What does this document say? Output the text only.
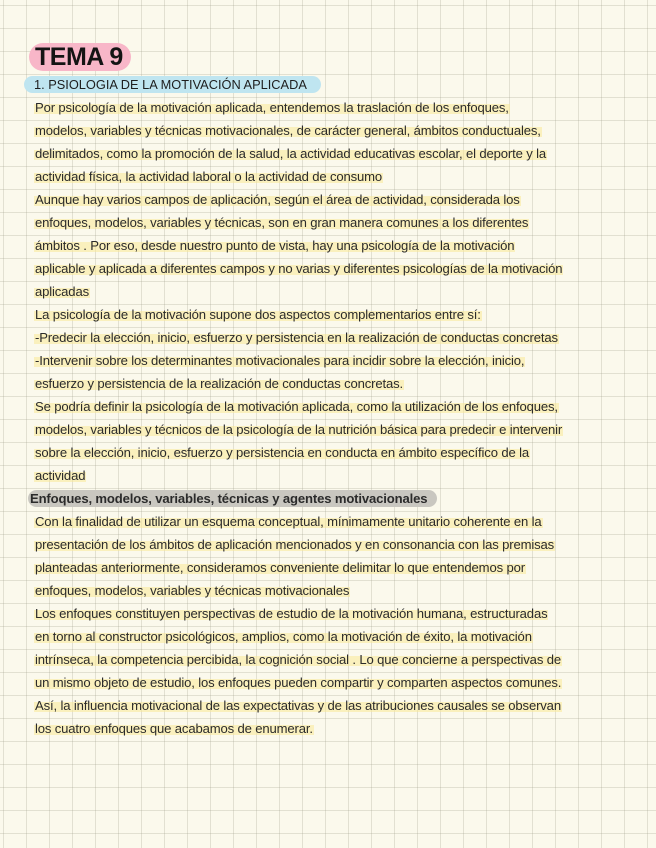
TEMA 9
1. PSIOLOGIA DE LA MOTIVACIÓN APLICADA
Por psicología de la motivación aplicada, entendemos la traslación de los enfoques,
modelos, variables y técnicas motivacionales, de carácter general, ámbitos conductuales,
delimitados, como la promoción de la salud, la actividad educativas escolar, el deporte y la
actividad física, la actividad laboral o la actividad de consumo
Aunque hay varios campos de aplicación, según el área de actividad, considerada los
enfoques, modelos, variables y técnicas, son en gran manera comunes a los diferentes
ámbitos . Por eso, desde nuestro punto de vista, hay una psicología de la motivación
aplicable y aplicada a diferentes campos y no varias y diferentes psicologías de la motivación
aplicadas
La psicología de la motivación supone dos aspectos complementarios entre sí:
-Predecir la elección, inicio, esfuerzo y persistencia en la realización de conductas concretas
-Intervenir sobre los determinantes motivacionales para incidir sobre la elección, inicio,
esfuerzo y persistencia de la realización de conductas concretas.
Se podría definir la psicología de la motivación aplicada, como la utilización de los enfoques,
modelos, variables y técnicos de la psicología de la nutrición básica para predecir e intervenir
sobre la elección, inicio, esfuerzo y persistencia en conducta en ámbito específico de la
actividad
Enfoques, modelos, variables, técnicas y agentes motivacionales
Con la finalidad de utilizar un esquema conceptual, mínimamente unitario coherente en la
presentación de los ámbitos de aplicación mencionados y en consonancia con las premisas
planteadas anteriormente, consideramos conveniente delimitar lo que entendemos por
enfoques, modelos, variables y técnicas motivacionales
Los enfoques constituyen perspectivas de estudio de la motivación humana, estructuradas
en torno al constructor psicológicos, amplios, como la motivación de éxito, la motivación
intrínseca, la competencia percibida, la cognición social . Lo que concierne a perspectivas de
un mismo objeto de estudio, los enfoques pueden compartir y comparten aspectos comunes.
Así, la influencia motivacional de las expectativas y de las atribuciones causales se observan
los cuatro enfoques que acabamos de enumerar.
